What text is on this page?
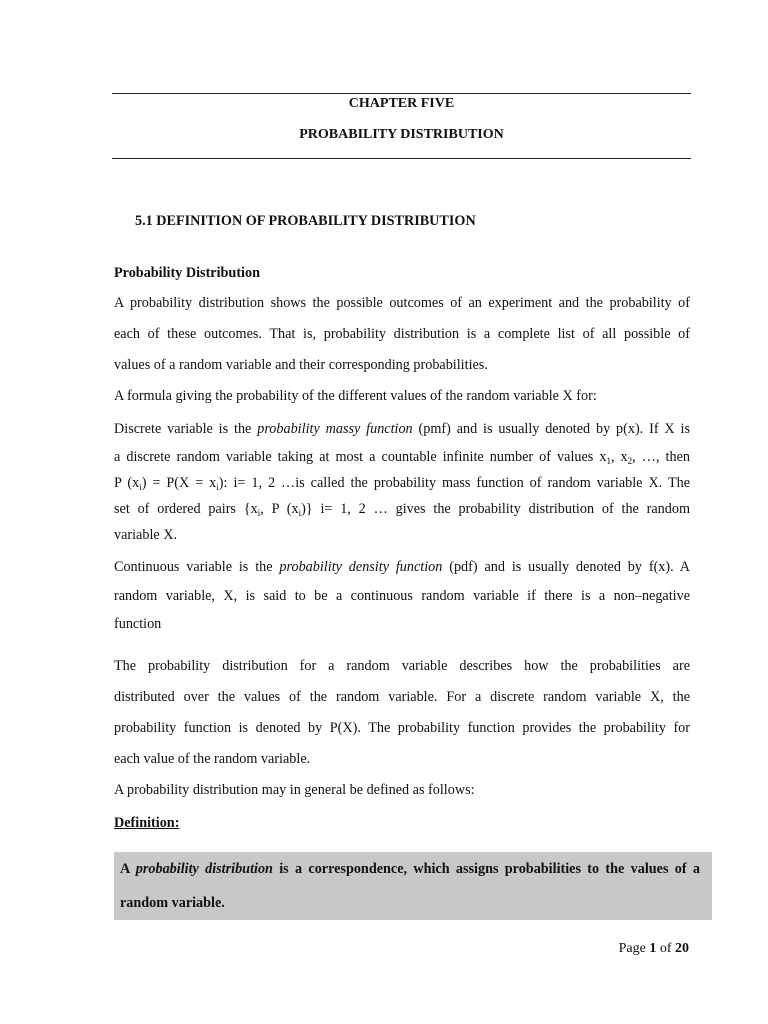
CHAPTER FIVE
PROBABILITY DISTRIBUTION
5.1 DEFINITION OF PROBABILITY DISTRIBUTION
Probability Distribution
A probability distribution shows the possible outcomes of an experiment and the probability of
each of these outcomes. That is, probability distribution is a complete list of all possible of
values of a random variable and their corresponding probabilities.
A formula giving the probability of the different values of the random variable X for:
Discrete variable is the probability massy function (pmf) and is usually denoted by p(x). If X is
a discrete random variable taking at most a countable infinite number of values $x_1$, $x_2$, …, then
P $(x_i) = P(X = x_i)$: i= 1, 2 …is called the probability mass function of random variable X. The
set of ordered pairs {$x_i$, P $(x_i)$} i= 1, 2 … gives the probability distribution of the random
variable X.
Continuous variable is the probability density function (pdf) and is usually denoted by f(x). A
random variable, X, is said to be a continuous random variable if there is a non–negative
function
The probability distribution for a random variable describes how the probabilities are
distributed over the values of the random variable. For a discrete random variable X, the
probability function is denoted by P(X). The probability function provides the probability for
each value of the random variable.
A probability distribution may in general be defined as follows:
Definition:
A probability distribution is a correspondence, which assigns probabilities to the values of a
random variable.
Page 1 of 20
